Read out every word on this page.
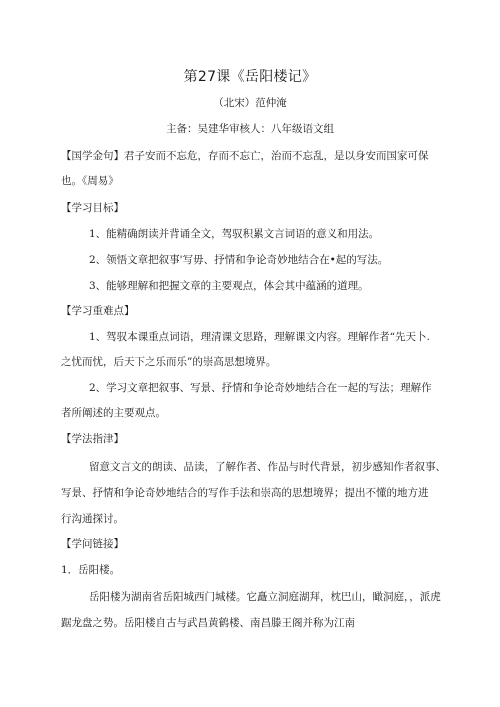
第27课《岳阳楼记》
（北宋）范仲淹
主备：吴建华审核人：八年级语文组
【国学金句】君子安而不忘危，存而不忘亡，治而不忘乱，是以身安而国家可保
也。《周易》
【学习目标】
1、能精确朗读并背诵全文，驾驭积累文言词语的意义和用法。
2、领悟文章把叙事'写毋、抒情和争论奇妙地结合在•起的写法。
3、能够理解和把握文章的主要观点，体会其中蕴涵的道理。
【学习重难点】
1、驾驭本课重点词语，理清课文思路，理解课文内容。理解作者“先天卜.
之忧而忧，后天下之乐而乐”的崇高思想境界。
2、学习文章把叙事、写景、抒情和争论奇妙地结合在一起的写法；理解作
者所阐述的主要观点。
【学法指津】
留意文言文的朗读、品读，了解作者、作品与时代背景，初步感知作者叙事、
写景、抒情和争论奇妙地结合的写作手法和崇高的思想境界；提出不懂的地方进
行沟通探讨。
【学问链接】
1．岳阳楼。
岳阳楼为湖南省岳阳城西门城楼。它矗立洞庭湖拜，枕巴山，瞰洞庭，，派虎
踞龙盘之势。岳阳楼自古与武昌黄鹤楼、南昌滕王阁并称为江南
